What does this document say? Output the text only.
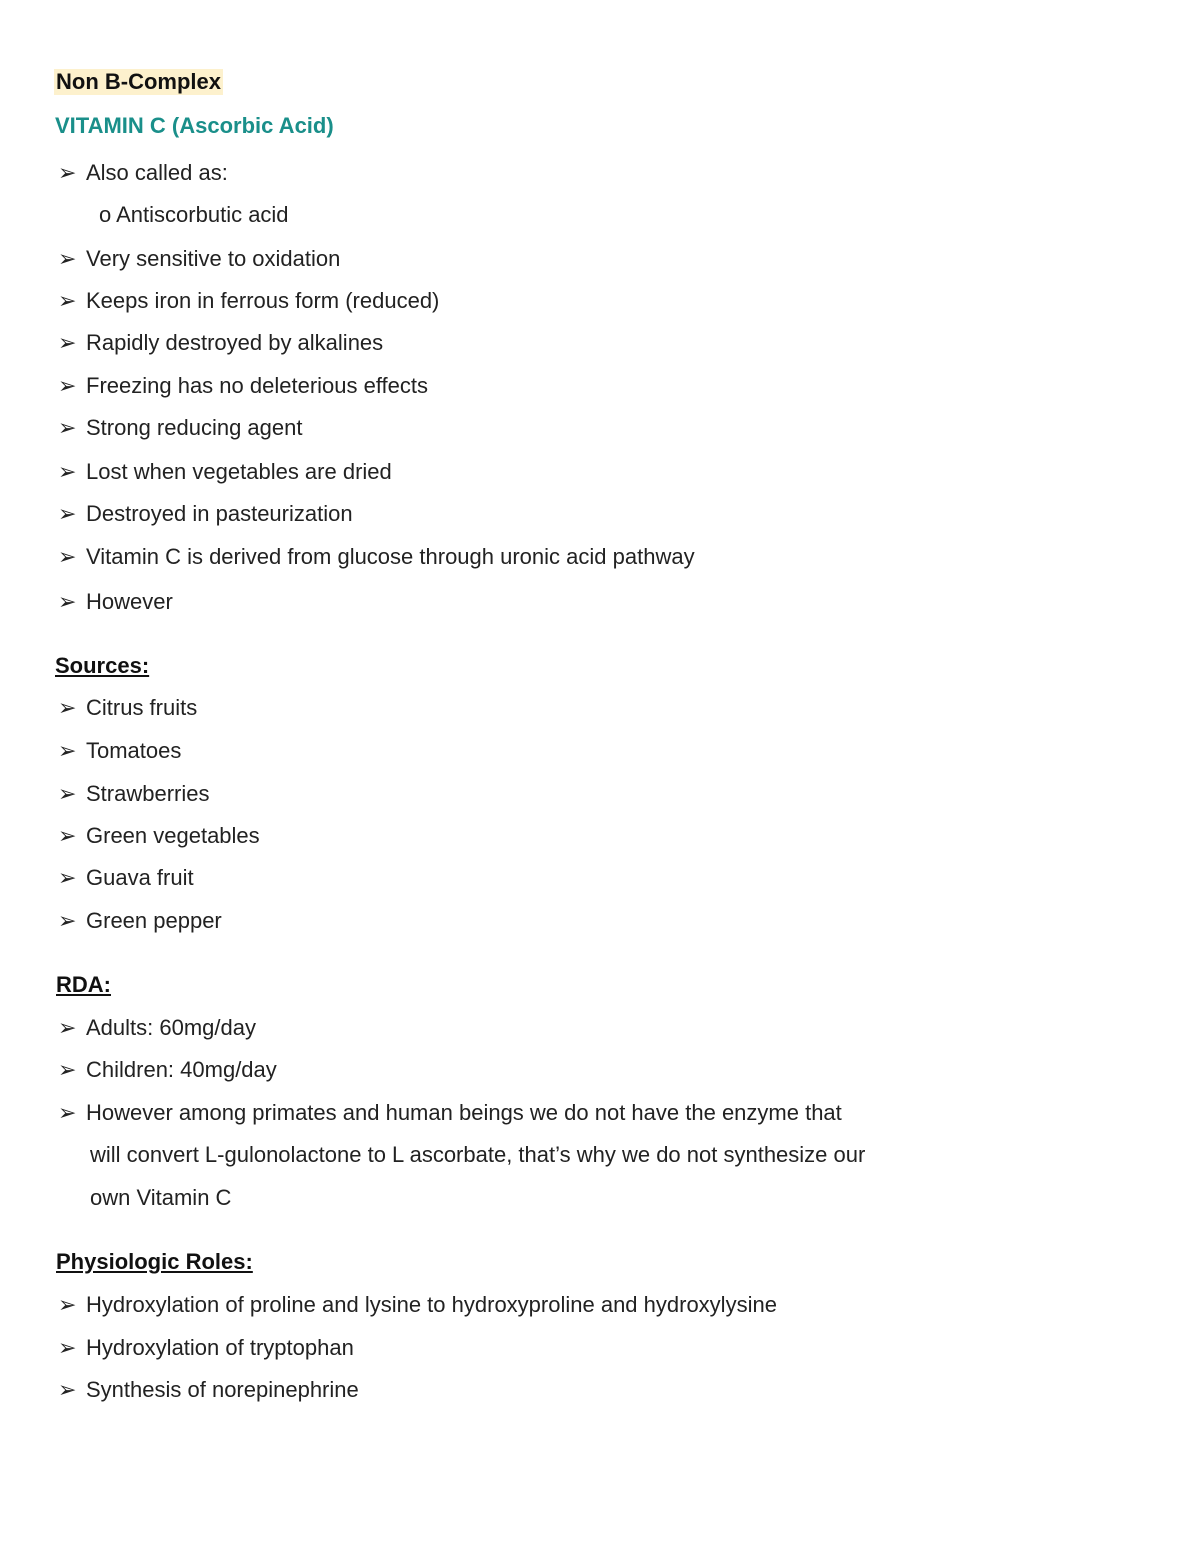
Non B-Complex
VITAMIN C (Ascorbic Acid)
➢ Also called as:
o Antiscorbutic acid
➢ Very sensitive to oxidation
➢ Keeps iron in ferrous form (reduced)
➢ Rapidly destroyed by alkalines
➢ Freezing has no deleterious effects
➢ Strong reducing agent
➢ Lost when vegetables are dried
➢ Destroyed in pasteurization
➢ Vitamin C is derived from glucose through uronic acid pathway
➢ However
Sources:
➢ Citrus fruits
➢ Tomatoes
➢ Strawberries
➢ Green vegetables
➢ Guava fruit
➢ Green pepper
RDA:
➢ Adults: 60mg/day
➢ Children: 40mg/day
➢ However among primates and human beings we do not have the enzyme that
will convert L-gulonolactone to L ascorbate, that’s why we do not synthesize our
own Vitamin C
Physiologic Roles:
➢ Hydroxylation of proline and lysine to hydroxyproline and hydroxylysine
➢ Hydroxylation of tryptophan
➢ Synthesis of norepinephrine
